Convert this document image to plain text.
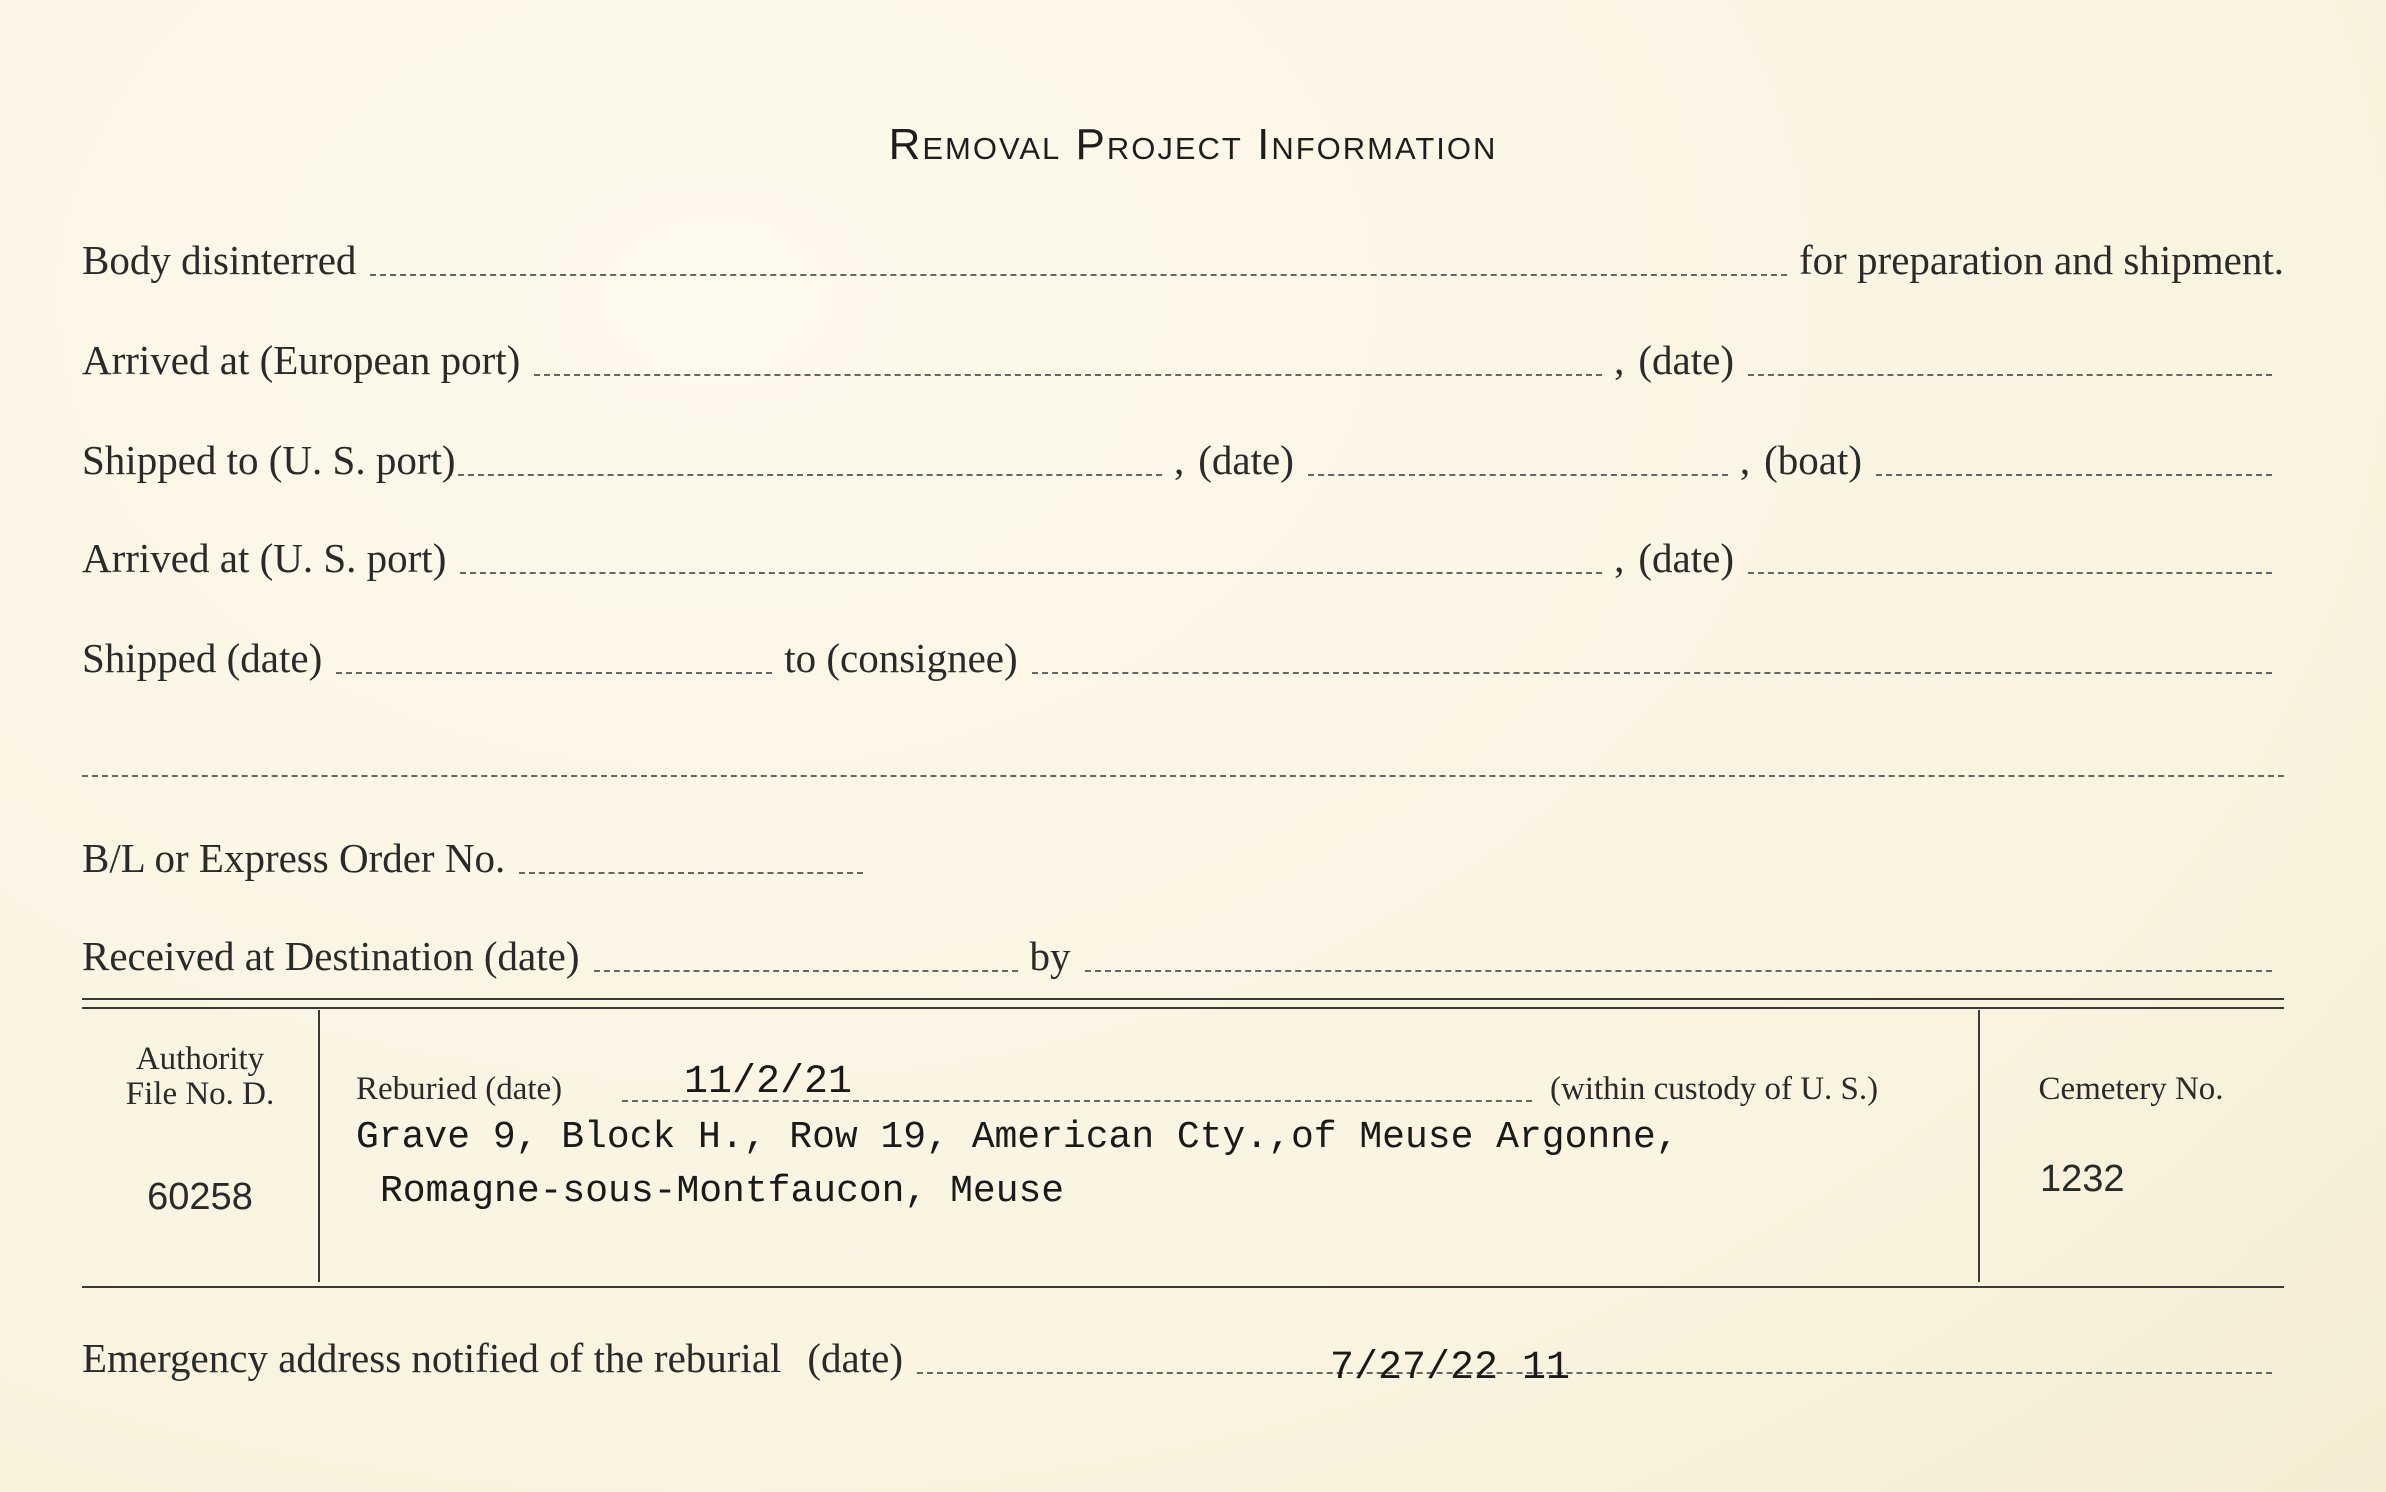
Removal Project Information
Body disinterred	for preparation and shipment.
Arrived at (European port)	, (date)
Shipped to (U. S. port)	, (date)	, (boat)
Arrived at (U. S. port)	, (date)
Shipped (date)	to (consignee)
B/L or Express Order No.
Received at Destination (date)	by
Authority
File No. D.
60258
Reburied (date)	11/2/21	(within custody of U. S.)
Grave 9, Block H., Row 19, American Cty.,of Meuse Argonne,
Romagne-sous-Montfaucon, Meuse
Cemetery No.
1232
Emergency address notified of the reburial (date)	7/27/22 11
